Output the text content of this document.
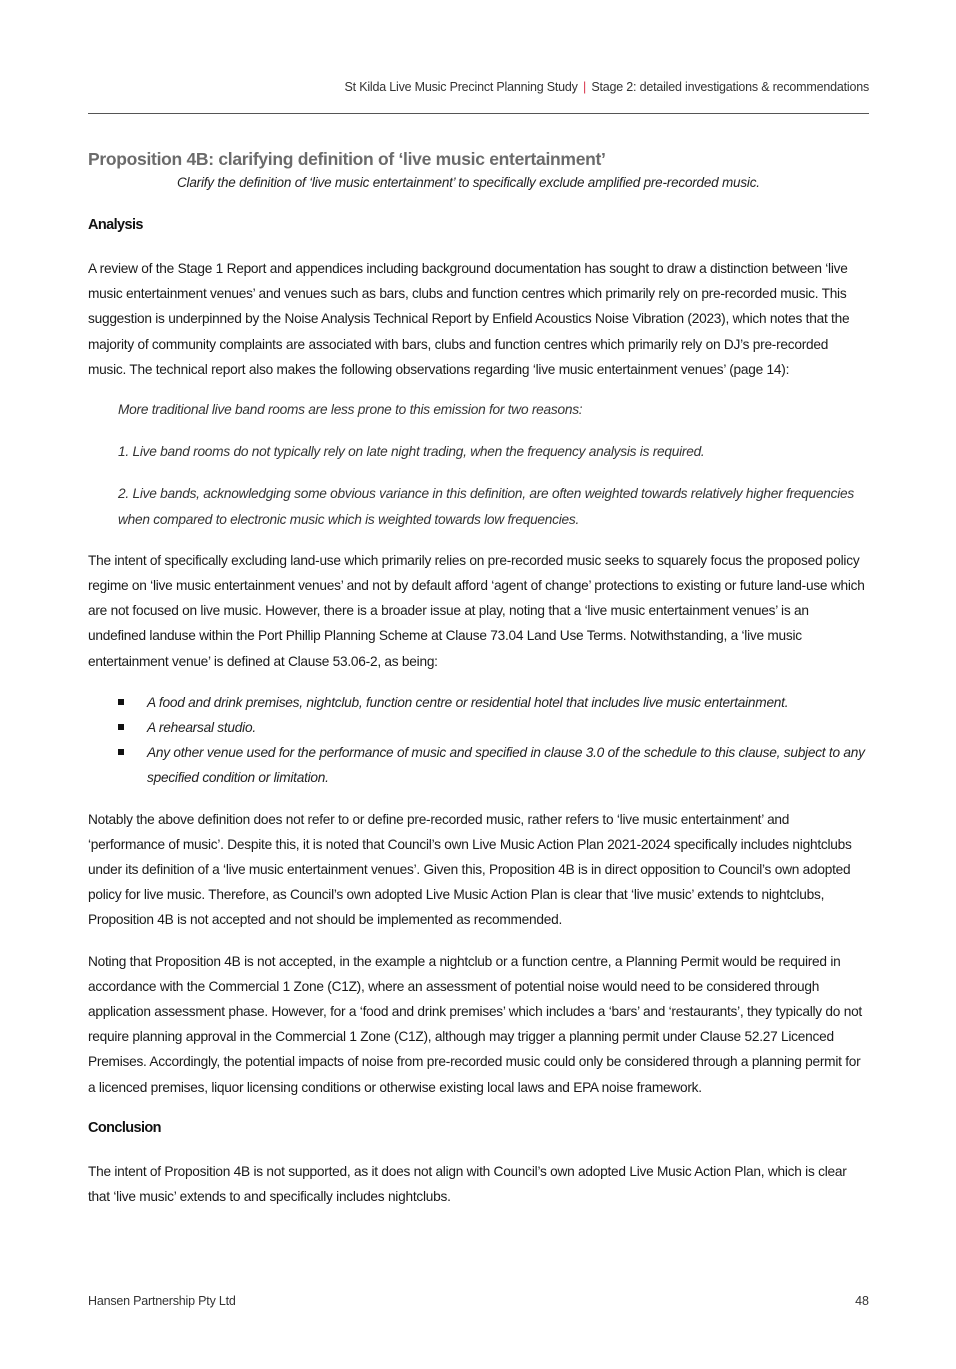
St Kilda Live Music Precinct Planning Study | Stage 2: detailed investigations & recommendations
Proposition 4B: clarifying definition of ‘live music entertainment’
Clarify the definition of ‘live music entertainment’ to specifically exclude amplified pre-recorded music.
Analysis

A review of the Stage 1 Report and appendices including background documentation has sought to draw a distinction between ‘live music entertainment venues’ and venues such as bars, clubs and function centres which primarily rely on pre-recorded music. This suggestion is underpinned by the Noise Analysis Technical Report by Enfield Acoustics Noise Vibration (2023), which notes that the majority of community complaints are associated with bars, clubs and function centres which primarily rely on DJ’s pre-recorded music. The technical report also makes the following observations regarding ‘live music entertainment venues’ (page 14):

More traditional live band rooms are less prone to this emission for two reasons:

1. Live band rooms do not typically rely on late night trading, when the frequency analysis is required.

2. Live bands, acknowledging some obvious variance in this definition, are often weighted towards relatively higher frequencies when compared to electronic music which is weighted towards low frequencies.

The intent of specifically excluding land-use which primarily relies on pre-recorded music seeks to squarely focus the proposed policy regime on ‘live music entertainment venues’ and not by default afford ‘agent of change’ protections to existing or future land-use which are not focused on live music. However, there is a broader issue at play, noting that a ‘live music entertainment venues’ is an undefined landuse within the Port Phillip Planning Scheme at Clause 73.04 Land Use Terms. Notwithstanding, a ‘live music entertainment venue’ is defined at Clause 53.06-2, as being:

A food and drink premises, nightclub, function centre or residential hotel that includes live music entertainment.
A rehearsal studio.
Any other venue used for the performance of music and specified in clause 3.0 of the schedule to this clause, subject to any specified condition or limitation.

Notably the above definition does not refer to or define pre-recorded music, rather refers to ‘live music entertainment’ and ‘performance of music’. Despite this, it is noted that Council’s own Live Music Action Plan 2021-2024 specifically includes nightclubs under its definition of a ‘live music entertainment venues’. Given this, Proposition 4B is in direct opposition to Council’s own adopted policy for live music. Therefore, as Council’s own adopted Live Music Action Plan is clear that ‘live music’ extends to nightclubs, Proposition 4B is not accepted and not should be implemented as recommended.

Noting that Proposition 4B is not accepted, in the example a nightclub or a function centre, a Planning Permit would be required in accordance with the Commercial 1 Zone (C1Z), where an assessment of potential noise would need to be considered through application assessment phase. However, for a ‘food and drink premises’ which includes a ‘bars’ and ‘restaurants’, they typically do not require planning approval in the Commercial 1 Zone (C1Z), although may trigger a planning permit under Clause 52.27 Licenced Premises. Accordingly, the potential impacts of noise from pre-recorded music could only be considered through a planning permit for a licenced premises, liquor licensing conditions or otherwise existing local laws and EPA noise framework.

Conclusion

The intent of Proposition 4B is not supported, as it does not align with Council’s own adopted Live Music Action Plan, which is clear that ‘live music’ extends to and specifically includes nightclubs.

Hansen Partnership Pty Ltd	48
